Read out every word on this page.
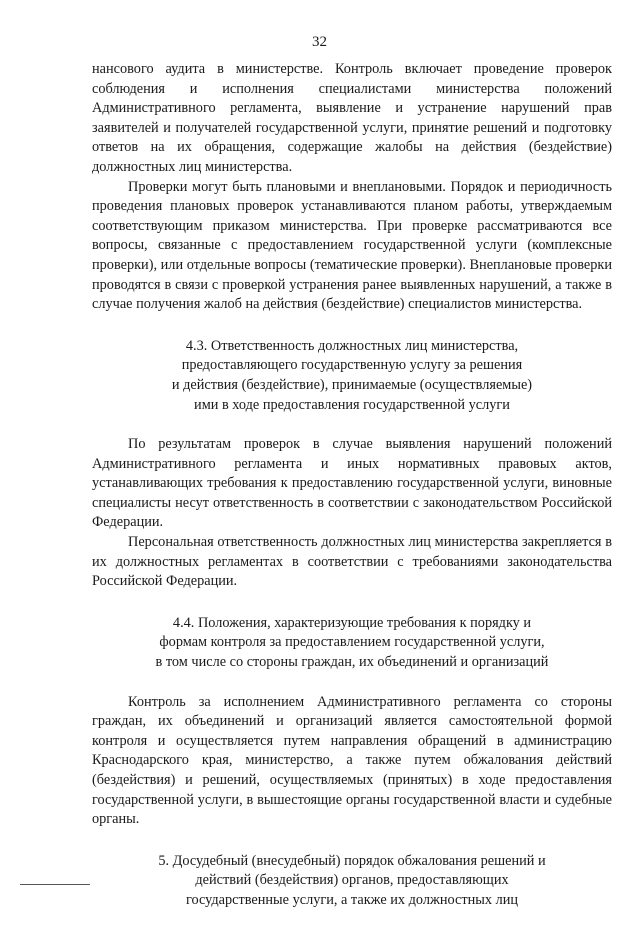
32

нансового аудита в министерстве. Контроль включает проведение проверок соблюдения и исполнения специалистами министерства положений Административного регламента, выявление и устранение нарушений прав заявителей и получателей государственной услуги, принятие решений и подготовку ответов на их обращения, содержащие жалобы на действия (бездействие) должностных лиц министерства.

Проверки могут быть плановыми и внеплановыми. Порядок и периодичность проведения плановых проверок устанавливаются планом работы, утверждаемым соответствующим приказом министерства. При проверке рассматриваются все вопросы, связанные с предоставлением государственной услуги (комплексные проверки), или отдельные вопросы (тематические проверки). Внеплановые проверки проводятся в связи с проверкой устранения ранее выявленных нарушений, а также в случае получения жалоб на действия (бездействие) специалистов министерства.

4.3. Ответственность должностных лиц министерства,
предоставляющего государственную услугу за решения
и действия (бездействие), принимаемые (осуществляемые)
ими в ходе предоставления государственной услуги

По результатам проверок в случае выявления нарушений положений Административного регламента и иных нормативных правовых актов, устанавливающих требования к предоставлению государственной услуги, виновные специалисты несут ответственность в соответствии с законодательством Российской Федерации.

Персональная ответственность должностных лиц министерства закрепляется в их должностных регламентах в соответствии с требованиями законодательства Российской Федерации.

4.4. Положения, характеризующие требования к порядку и
формам контроля за предоставлением государственной услуги,
в том числе со стороны граждан, их объединений и организаций

Контроль за исполнением Административного регламента со стороны граждан, их объединений и организаций является самостоятельной формой контроля и осуществляется путем направления обращений в администрацию Краснодарского края, министерство, а также путем обжалования действий (бездействия) и решений, осуществляемых (принятых) в ходе предоставления государственной услуги, в вышестоящие органы государственной власти и судебные органы.

5. Досудебный (внесудебный) порядок обжалования решений и
действий (бездействия) органов, предоставляющих
государственные услуги, а также их должностных лиц
